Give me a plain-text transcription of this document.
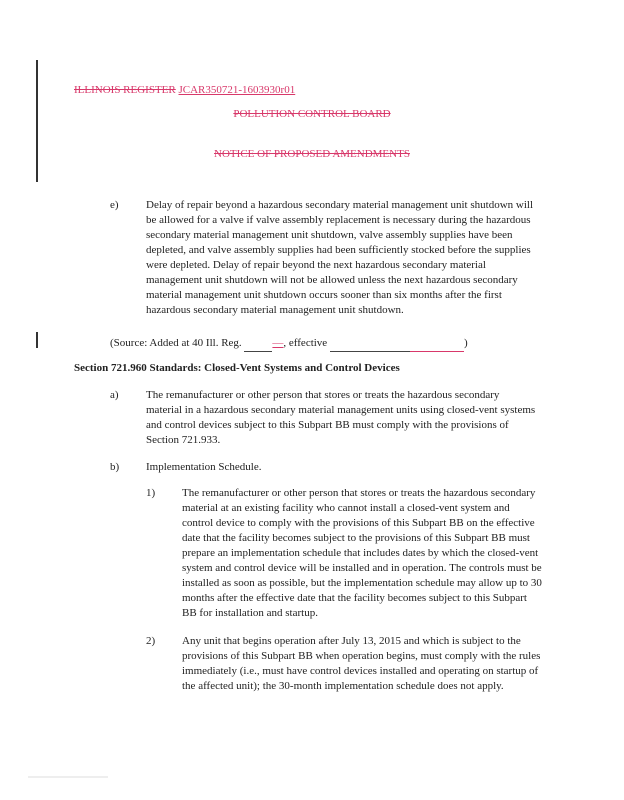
ILLINOIS REGISTER JCAR350721-1603930r01
POLLUTION CONTROL BOARD
NOTICE OF PROPOSED AMENDMENTS
e) Delay of repair beyond a hazardous secondary material management unit shutdown will be allowed for a valve if valve assembly replacement is necessary during the hazardous secondary material management unit shutdown, valve assembly supplies have been depleted, and valve assembly supplies had been sufficiently stocked before the supplies were depleted. Delay of repair beyond the next hazardous secondary material management unit shutdown will not be allowed unless the next hazardous secondary material management unit shutdown occurs sooner than six months after the first hazardous secondary material management unit shutdown.
(Source: Added at 40 Ill. Reg.	—, effective	)
Section 721.960 Standards: Closed-Vent Systems and Control Devices
a) The remanufacturer or other person that stores or treats the hazardous secondary material in a hazardous secondary material management units using closed-vent systems and control devices subject to this Subpart BB must comply with the provisions of Section 721.933.
b) Implementation Schedule.
1) The remanufacturer or other person that stores or treats the hazardous secondary material at an existing facility who cannot install a closed-vent system and control device to comply with the provisions of this Subpart BB on the effective date that the facility becomes subject to the provisions of this Subpart BB must prepare an implementation schedule that includes dates by which the closed-vent system and control device will be installed and in operation. The controls must be installed as soon as possible, but the implementation schedule may allow up to 30 months after the effective date that the facility becomes subject to this Subpart BB for installation and startup.
2) Any unit that begins operation after July 13, 2015 and which is subject to the provisions of this Subpart BB when operation begins, must comply with the rules immediately (i.e., must have control devices installed and operating on startup of the affected unit); the 30-month implementation schedule does not apply.
